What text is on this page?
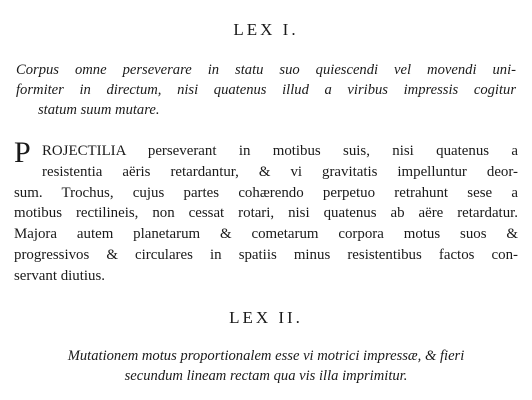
LEX I.
Corpus omne perseverare in statu suo quiescendi vel movendi uni-
formiter in directum, nisi quatenus illud a viribus impressis cogitur
statum suum mutare.
P ROJECTILIA perseverant in motibus suis, nisi quatenus a
resistentia aëris retardantur, & vi gravitatis impelluntur deor-
sum. Trochus, cujus partes cohærendo perpetuo retrahunt sese a
motibus rectilineis, non cessat rotari, nisi quatenus ab aëre retardatur.
Majora autem planetarum & cometarum corpora motus suos &
progressivos & circulares in spatiis minus resistentibus factos con-
servant diutius.
LEX II.
Mutationem motus proportionalem esse vi motrici impressæ, & fieri
secundum lineam rectam qua vis illa imprimitur.
